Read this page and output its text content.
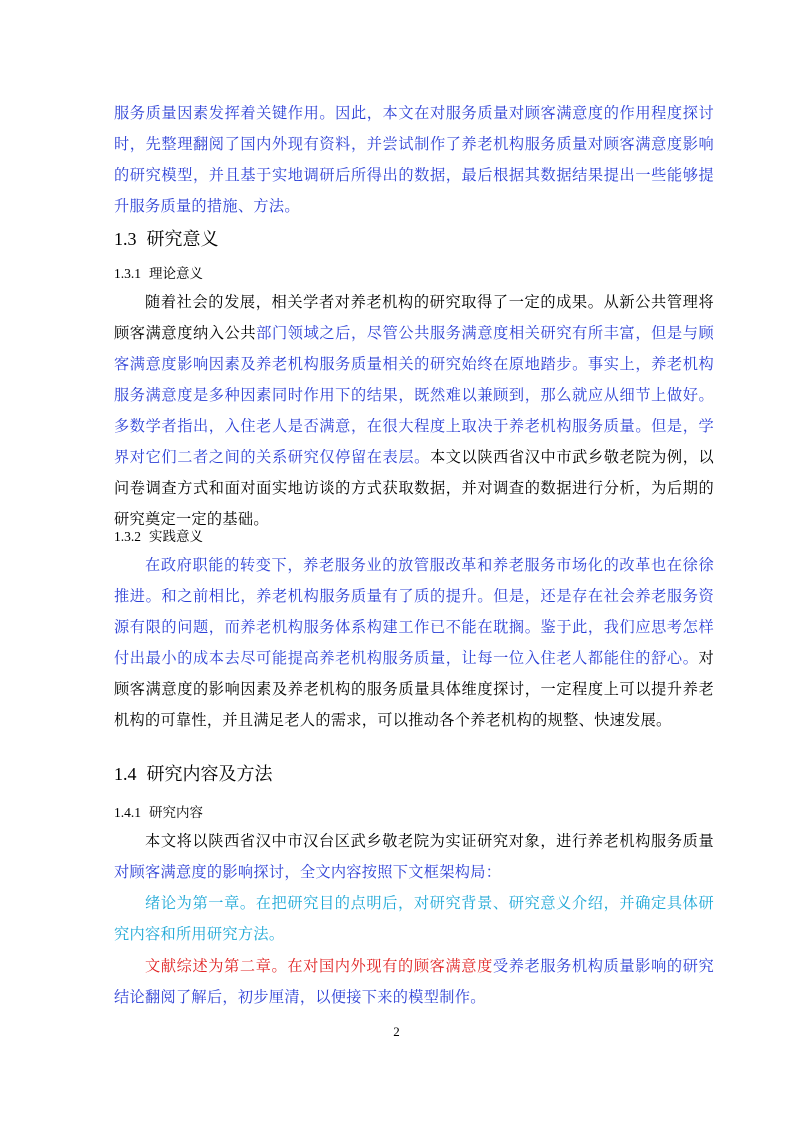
服务质量因素发挥着关键作用。因此，本文在对服务质量对顾客满意度的作用程度探讨时，先整理翻阅了国内外现有资料，并尝试制作了养老机构服务质量对顾客满意度影响的研究模型，并且基于实地调研后所得出的数据，最后根据其数据结果提出一些能够提升服务质量的措施、方法。
1.3 研究意义
1.3.1 理论意义
随着社会的发展，相关学者对养老机构的研究取得了一定的成果。从新公共管理将顾客满意度纳入公共部门领域之后，尽管公共服务满意度相关研究有所丰富，但是与顾客满意度影响因素及养老机构服务质量相关的研究始终在原地踏步。事实上，养老机构服务满意度是多种因素同时作用下的结果，既然难以兼顾到，那么就应从细节上做好。多数学者指出，入住老人是否满意，在很大程度上取决于养老机构服务质量。但是，学界对它们二者之间的关系研究仅停留在表层。本文以陕西省汉中市武乡敬老院为例，以问卷调查方式和面对面实地访谈的方式获取数据，并对调查的数据进行分析，为后期的研究奠定一定的基础。
1.3.2 实践意义
在政府职能的转变下，养老服务业的放管服改革和养老服务市场化的改革也在徐徐推进。和之前相比，养老机构服务质量有了质的提升。但是，还是存在社会养老服务资源有限的问题，而养老机构服务体系构建工作已不能在耽搁。鉴于此，我们应思考怎样付出最小的成本去尽可能提高养老机构服务质量，让每一位入住老人都能住的舒心。对顾客满意度的影响因素及养老机构的服务质量具体维度探讨，一定程度上可以提升养老机构的可靠性，并且满足老人的需求，可以推动各个养老机构的规整、快速发展。
1.4 研究内容及方法
1.4.1 研究内容
本文将以陕西省汉中市汉台区武乡敬老院为实证研究对象，进行养老机构服务质量对顾客满意度的影响探讨，全文内容按照下文框架构局：
绪论为第一章。在把研究目的点明后，对研究背景、研究意义介绍，并确定具体研究内容和所用研究方法。
文献综述为第二章。在对国内外现有的顾客满意度受养老服务机构质量影响的研究结论翻阅了解后，初步厘清，以便接下来的模型制作。
2
